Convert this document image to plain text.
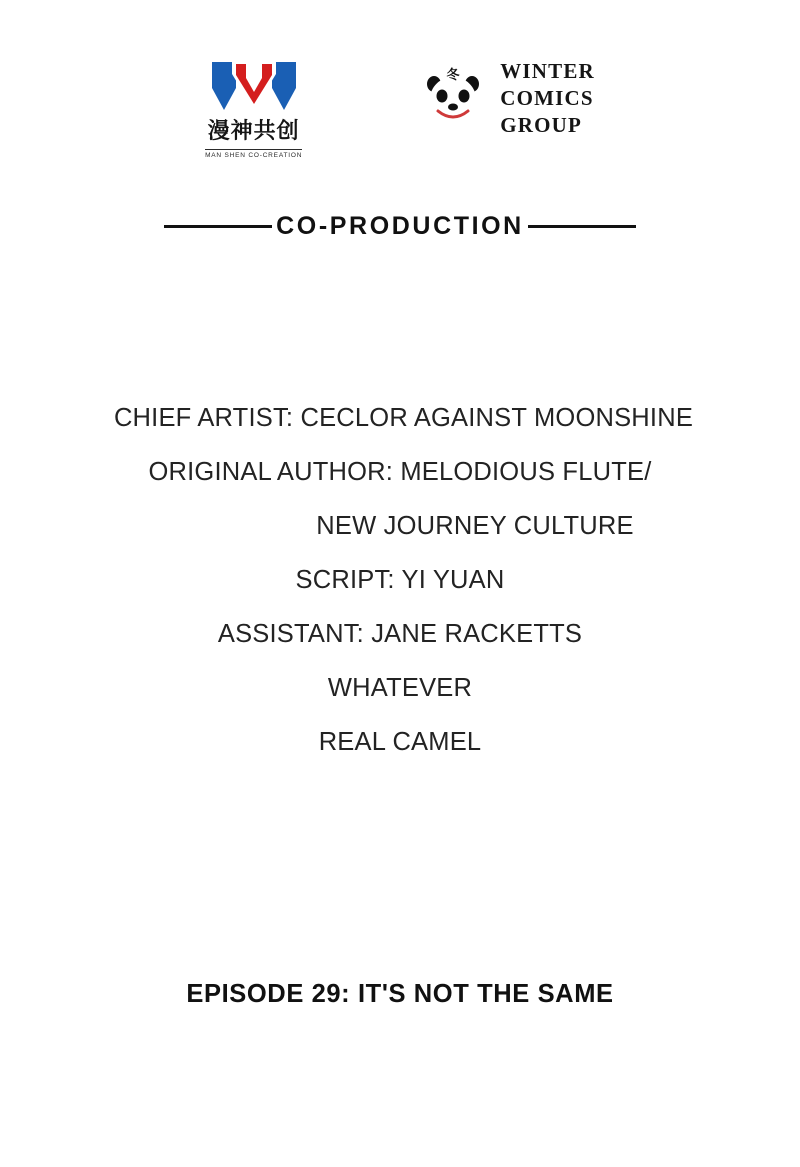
漫神共创
MAN SHEN CO-CREATION
冬 WINTER
COMICS
GROUP
CO-PRODUCTION
CHIEF ARTIST: CECLOR AGAINST MOONSHINE
ORIGINAL AUTHOR: MELODIOUS FLUTE/
NEW JOURNEY CULTURE
SCRIPT: YI YUAN
ASSISTANT: JANE RACKETTS
WHATEVER
REAL CAMEL
EPISODE 29: IT'S NOT THE SAME
